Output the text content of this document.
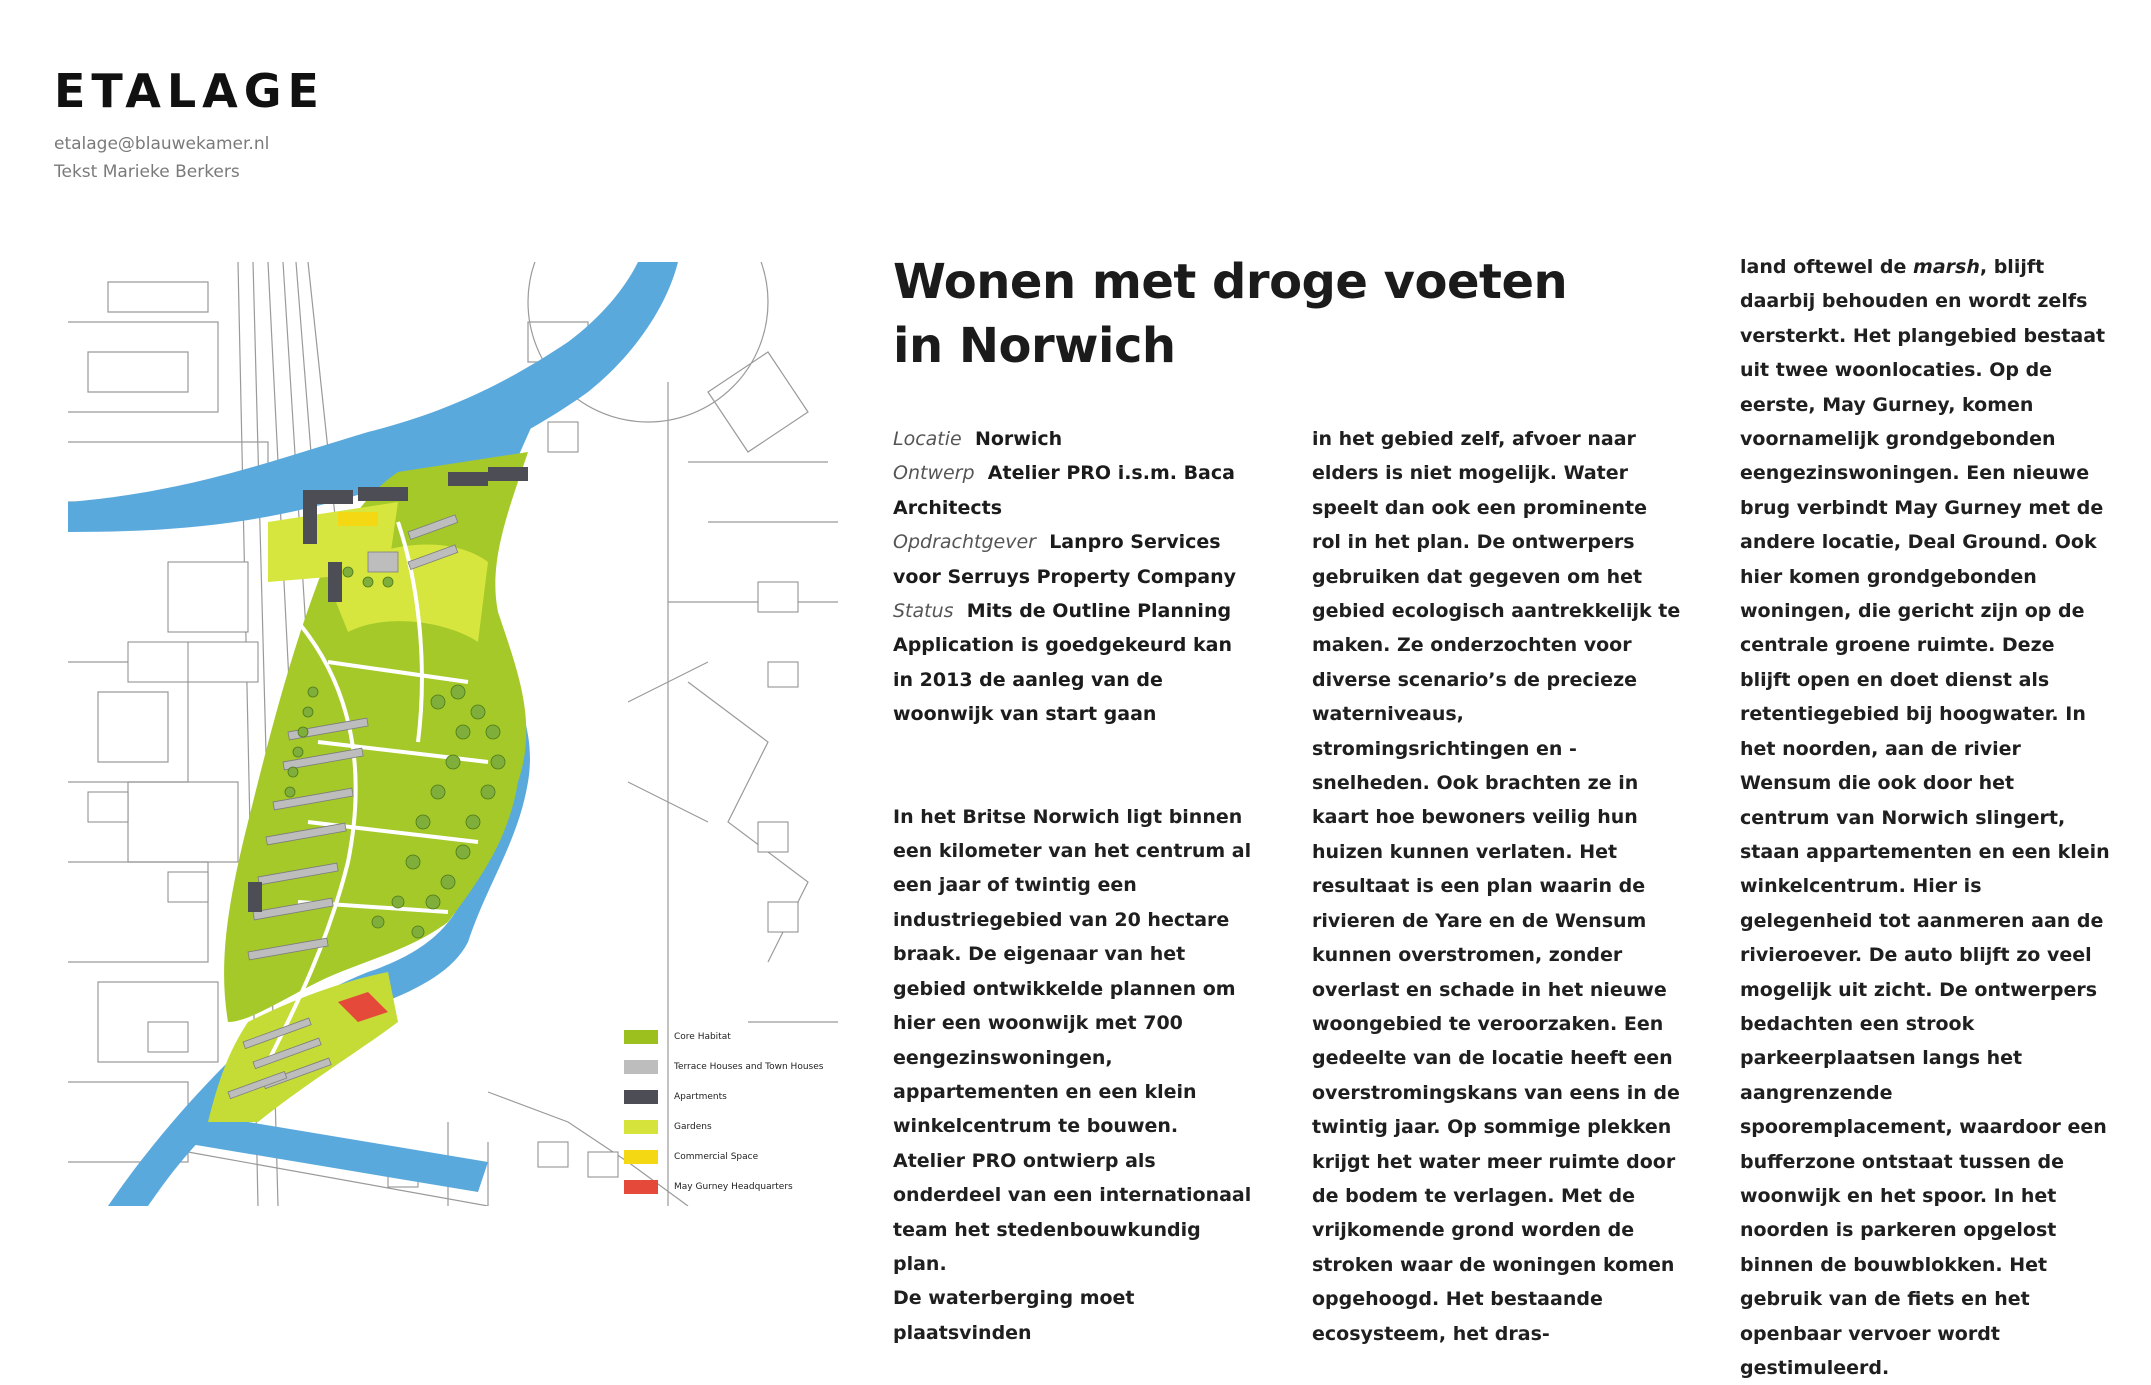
ETALAGE
etalage@blauwekamer.nl
Tekst Marieke Berkers
Core Habitat
Terrace Houses and Town Houses
Apartments
Gardens
Commercial Space
May Gurney Headquarters
Wonen met droge voeten in Norwich

Locatie Norwich

Ontwerp Atelier PRO i.s.m. Baca Architects

Opdrachtgever Lanpro Services voor Serruys Property Company

Status Mits de Outline Planning Application is goedgekeurd kan in 2013 de aanleg van de woonwijk van start gaan

In het Britse Norwich ligt binnen een kilometer van het centrum al een jaar of twintig een industriegebied van 20 hectare braak. De eigenaar van het gebied ontwikkelde plannen om hier een woonwijk met 700 eengezinswoningen, appartementen en een klein winkelcentrum te bouwen. Atelier PRO ontwierp als onderdeel van een internationaal team het stedenbouwkundig plan.

De waterberging moet plaatsvinden

in het gebied zelf, afvoer naar elders is niet mogelijk. Water speelt dan ook een prominente rol in het plan. De ontwerpers gebruiken dat gegeven om het gebied ecologisch aantrekkelijk te maken. Ze onderzochten voor diverse scenario’s de precieze waterniveaus, stromingsrichtingen en -snelheden. Ook brachten ze in kaart hoe bewoners veilig hun huizen kunnen verlaten. Het resultaat is een plan waarin de rivieren de Yare en de Wensum kunnen overstromen, zonder overlast en schade in het nieuwe woongebied te veroorzaken. Een gedeelte van de locatie heeft een overstromingskans van eens in de twintig jaar. Op sommige plekken krijgt het water meer ruimte door de bodem te verlagen. Met de vrijkomende grond worden de stroken waar de woningen komen opgehoogd. Het bestaande ecosysteem, het dras-

land oftewel de marsh, blijft daarbij behouden en wordt zelfs versterkt. Het plangebied bestaat uit twee woonlocaties. Op de eerste, May Gurney, komen voornamelijk grondgebonden eengezinswoningen. Een nieuwe brug verbindt May Gurney met de andere locatie, Deal Ground. Ook hier komen grondgebonden woningen, die gericht zijn op de centrale groene ruimte. Deze blijft open en doet dienst als retentiegebied bij hoogwater. In het noorden, aan de rivier Wensum die ook door het centrum van Norwich slingert, staan appartementen en een klein winkelcentrum. Hier is gelegenheid tot aanmeren aan de rivieroever. De auto blijft zo veel mogelijk uit zicht. De ontwerpers bedachten een strook parkeerplaatsen langs het aangrenzende spooremplacement, waardoor een bufferzone ontstaat tussen de woonwijk en het spoor. In het noorden is parkeren opgelost binnen de bouwblokken. Het gebruik van de fiets en het openbaar vervoer wordt gestimuleerd.
